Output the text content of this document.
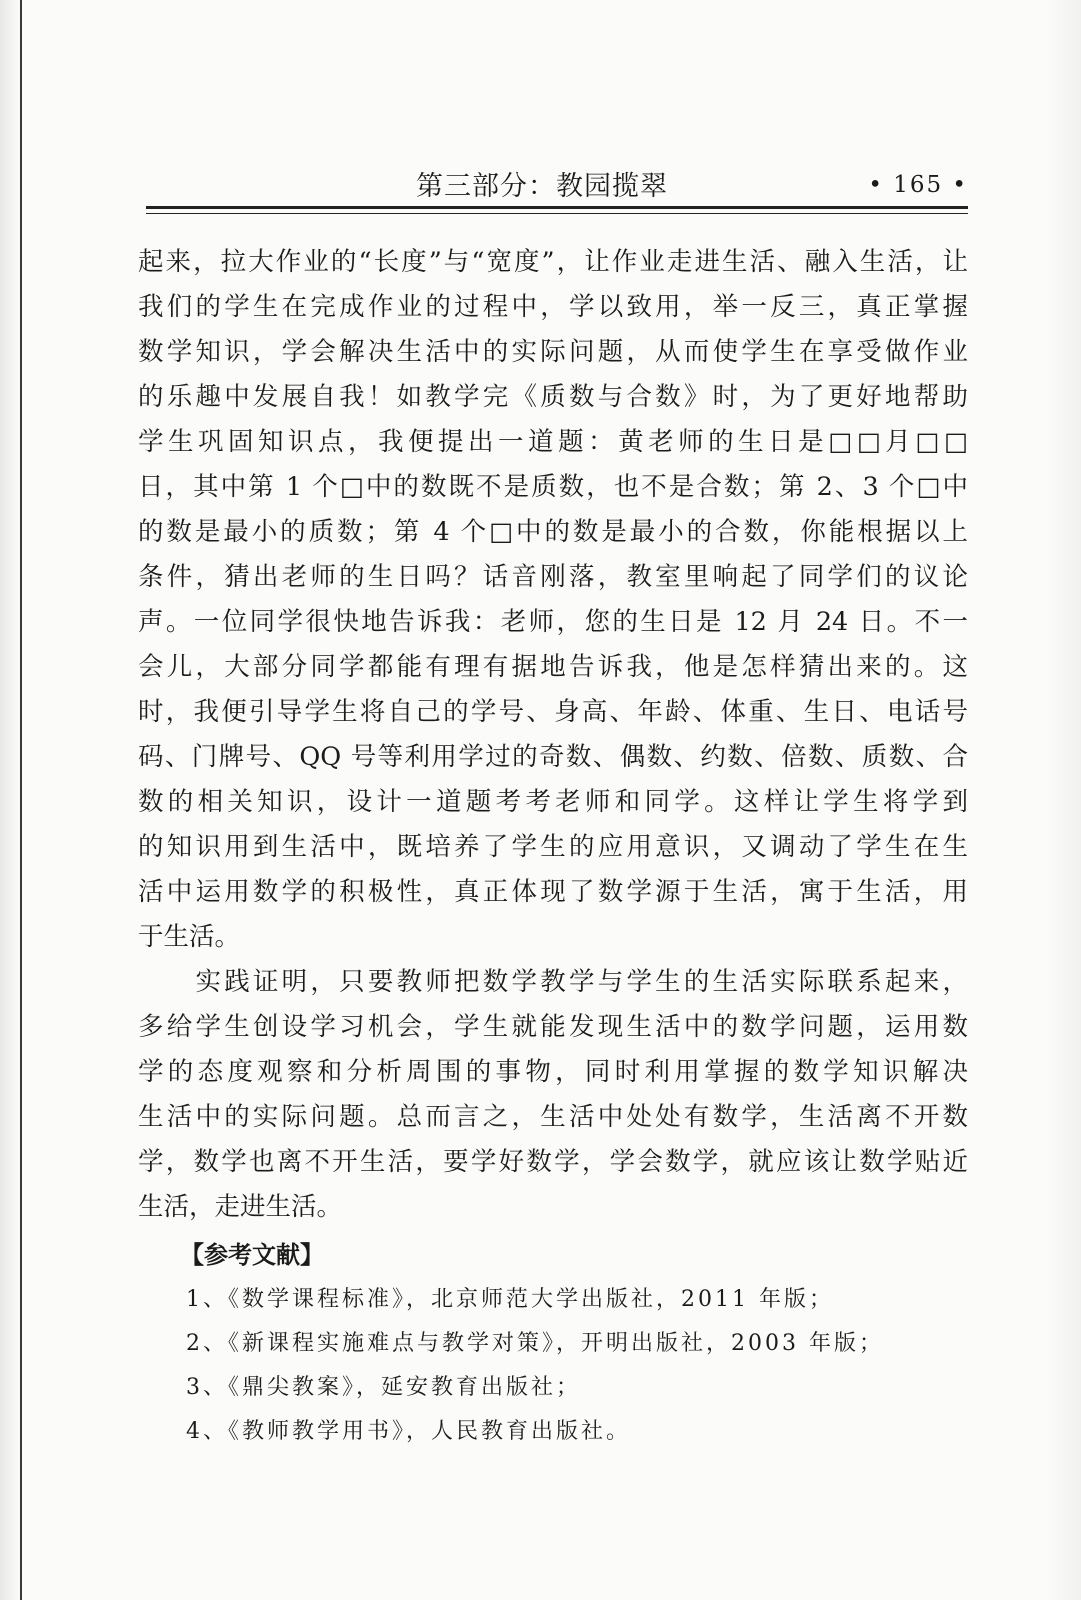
第三部分：教园揽翠	• 165 •
起来，拉大作业的“长度”与“宽度”，让作业走进生活、融入生活，让
我们的学生在完成作业的过程中，学以致用，举一反三，真正掌握
数学知识，学会解决生活中的实际问题，从而使学生在享受做作业
的乐趣中发展自我！如教学完《质数与合数》时，为了更好地帮助
学生巩固知识点，我便提出一道题：黄老师的生日是□□月□□
日，其中第 1 个□中的数既不是质数，也不是合数；第 2、3 个□中
的数是最小的质数；第 4 个□中的数是最小的合数，你能根据以上
条件，猜出老师的生日吗？话音刚落，教室里响起了同学们的议论
声。一位同学很快地告诉我：老师，您的生日是 12 月 24 日。不一
会儿，大部分同学都能有理有据地告诉我，他是怎样猜出来的。这
时，我便引导学生将自己的学号、身高、年龄、体重、生日、电话号
码、门牌号、QQ 号等利用学过的奇数、偶数、约数、倍数、质数、合
数的相关知识，设计一道题考考老师和同学。这样让学生将学到
的知识用到生活中，既培养了学生的应用意识，又调动了学生在生
活中运用数学的积极性，真正体现了数学源于生活，寓于生活，用
于生活。
　　实践证明，只要教师把数学教学与学生的生活实际联系起来，
多给学生创设学习机会，学生就能发现生活中的数学问题，运用数
学的态度观察和分析周围的事物，同时利用掌握的数学知识解决
生活中的实际问题。总而言之，生活中处处有数学，生活离不开数
学，数学也离不开生活，要学好数学，学会数学，就应该让数学贴近
生活，走进生活。
【参考文献】
1、《数学课程标准》，北京师范大学出版社，2011 年版；
2、《新课程实施难点与教学对策》，开明出版社，2003 年版；
3、《鼎尖教案》，延安教育出版社；
4、《教师教学用书》，人民教育出版社。
